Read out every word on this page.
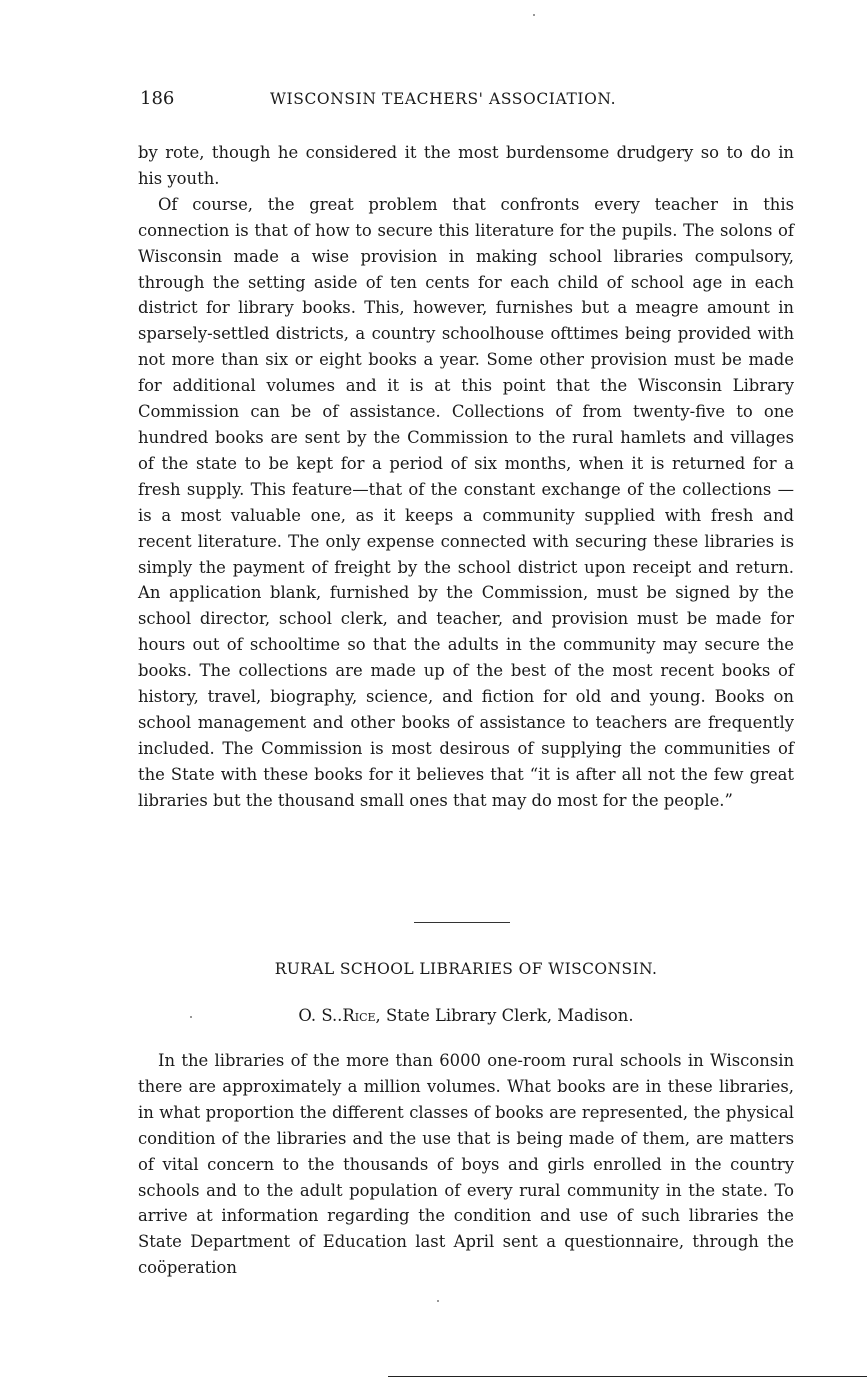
186	WISCONSIN TEACHERS' ASSOCIATION.

by rote, though he considered it the most burdensome drudgery so to do in his youth.

Of course, the great problem that confronts every teacher in this connection is that of how to secure this literature for the pupils. The solons of Wisconsin made a wise provision in making school libraries compulsory, through the setting aside of ten cents for each child of school age in each district for library books. This, however, furnishes but a meagre amount in sparsely-settled districts, a country schoolhouse ofttimes being provided with not more than six or eight books a year. Some other provision must be made for additional volumes and it is at this point that the Wisconsin Library Commission can be of assistance. Collections of from twenty-five to one hundred books are sent by the Commission to the rural hamlets and villages of the state to be kept for a period of six months, when it is returned for a fresh supply. This feature—that of the constant exchange of the collections —is a most valuable one, as it keeps a community supplied with fresh and recent literature. The only expense connected with securing these libraries is simply the payment of freight by the school district upon receipt and return. An application blank, furnished by the Commission, must be signed by the school director, school clerk, and teacher, and provision must be made for hours out of schooltime so that the adults in the community may secure the books. The collections are made up of the best of the most recent books of history, travel, biography, science, and fiction for old and young. Books on school management and other books of assistance to teachers are frequently included. The Commission is most desirous of supplying the communities of the State with these books for it believes that “it is after all not the few great libraries but the thousand small ones that may do most for the people.”

RURAL SCHOOL LIBRARIES OF WISCONSIN.
O. S..Rice, State Library Clerk, Madison.

In the libraries of the more than 6000 one-room rural schools in Wisconsin there are approximately a million volumes. What books are in these libraries, in what proportion the different classes of books are represented, the physical condition of the libraries and the use that is being made of them, are matters of vital concern to the thousands of boys and girls enrolled in the country schools and to the adult population of every rural community in the state. To arrive at information regarding the condition and use of such libraries the State Department of Education last April sent a questionnaire, through the coöperation
